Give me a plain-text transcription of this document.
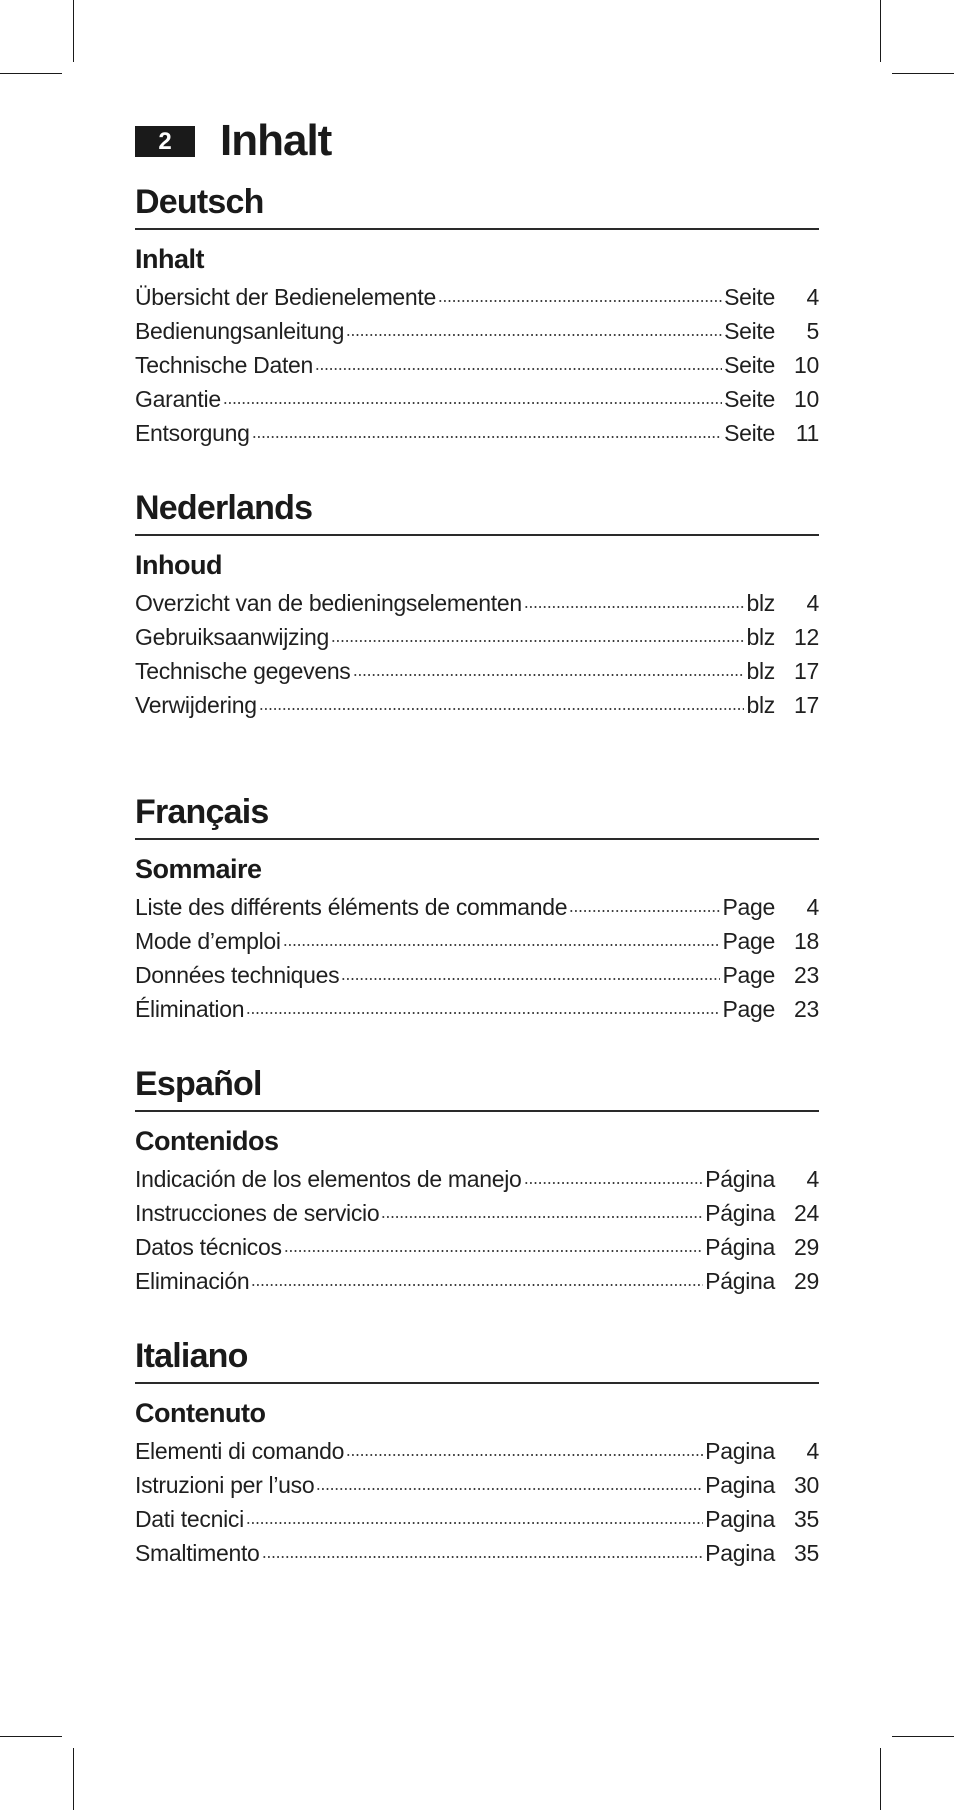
2	Inhalt
Deutsch
Inhalt
Übersicht der Bedienelemente	Seite	4
Bedienungsanleitung	Seite	5
Technische Daten	Seite 10
Garantie	Seite 10
Entsorgung	Seite 11
Nederlands
Inhoud
Overzicht van de bedieningselementen	blz	4
Gebruiksaanwijzing	blz 12
Technische gegevens	blz 17
Verwijdering	blz 17
Français
Sommaire
Liste des différents éléments de commande	Page	4
Mode d’emploi	Page 18
Données techniques	Page 23
Élimination	Page 23
Español
Contenidos
Indicación de los elementos de manejo	Página	4
Instrucciones de servicio	Página 24
Datos técnicos	Página 29
Eliminación	Página 29
Italiano
Contenuto
Elementi di comando	Pagina	4
Istruzioni per l’uso	Pagina 30
Dati tecnici	Pagina 35
Smaltimento	Pagina 35
